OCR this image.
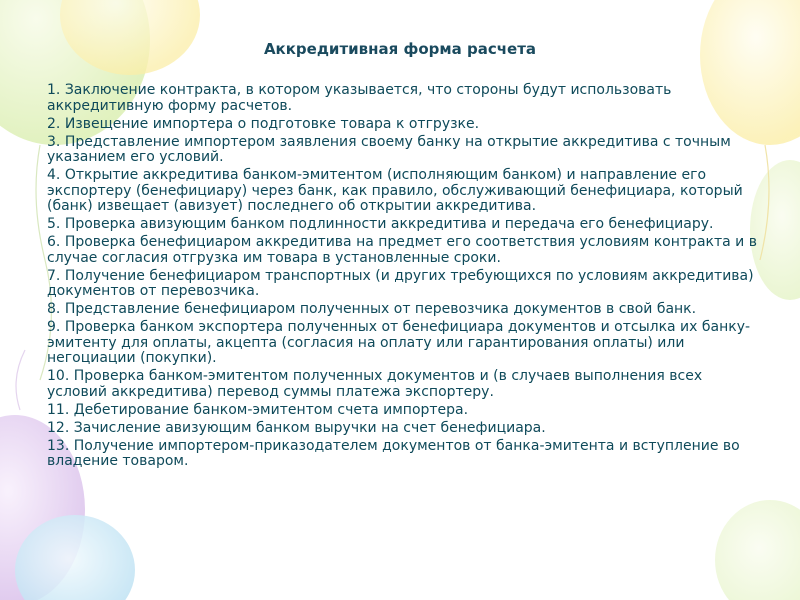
Аккредитивная форма расчета
1. Заключение контракта, в котором указывается, что стороны будут использовать аккредитивную форму расчетов.
2. Извещение импортера о подготовке товара к отгрузке.
3. Представление импортером заявления своему банку на открытие аккредитива с точным указанием его условий.
4. Открытие аккредитива банком-эмитентом (исполняющим банком) и направление его экспортеру (бенефициару) через банк, как правило, обслуживающий бенефициара, который (банк) извещает (авизует) последнего об открытии аккредитива.
5. Проверка авизующим банком подлинности аккредитива и передача его бенефициару.
6. Проверка бенефициаром аккредитива на предмет его соответствия условиям контракта и в случае согласия отгрузка им товара в установленные сроки.
7. Получение бенефициаром транспортных (и других требующихся по условиям аккредитива) документов от перевозчика.
8. Представление бенефициаром полученных от перевозчика документов в свой банк.
9. Проверка банком экспортера полученных от бенефициара документов и отсылка их банку-эмитенту для оплаты, акцепта (согласия на оплату или гарантирования оплаты) или негоциации (покупки).
10. Проверка банком-эмитентом полученных документов и (в случаев выполнения всех условий аккредитива) перевод суммы платежа экспортеру.
11. Дебетирование банком-эмитентом счета импортера.
12. Зачисление авизующим банком выручки на счет бенефициара.
13. Получение импортером-приказодателем документов от банка-эмитента и вступление во владение товаром.
